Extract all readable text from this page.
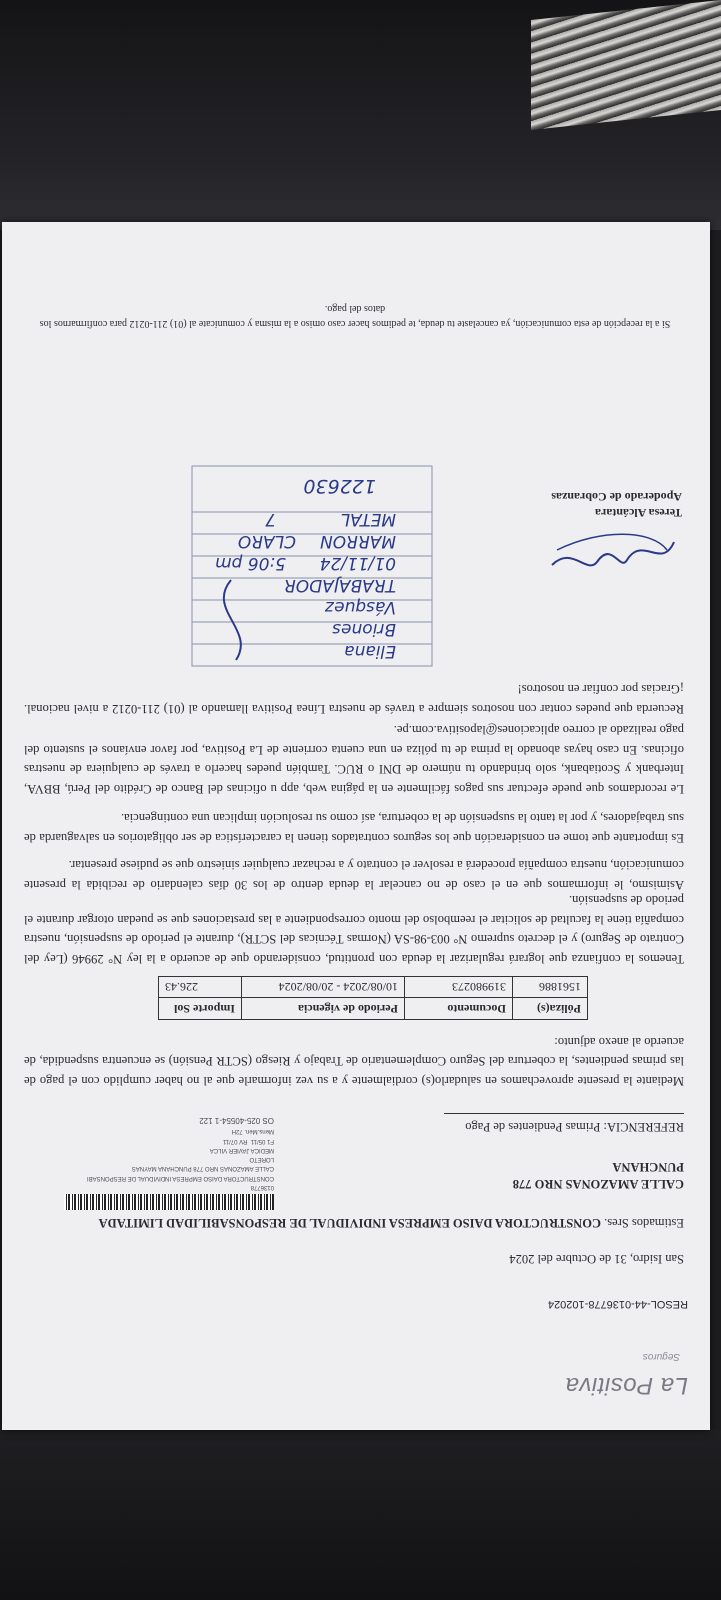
La Positiva
Seguros
RESOL-44-0136778-102024
San Isidro, 31 de Octubre del 2024
Estimados Sres. CONSTRUCTORA DAISO EMPRESA INDIVIDUAL DE RESPONSABILIDAD LIMITADA
CALLE AMAZONAS NRO 778
PUNCHANA
0136778
CONSTRUCTORA DAISO EMPRESA INDIVIDUAL DE RESPONSABI
CALLE AMAZONAS NRO 778 PUNCHANA MAYNAS
LORETO
MEDICA JAVIER VILCA
F1 05/11  RV 07/11
Mens.Men. 72H
OS 025-40554-1 122	REFERENCIA: Primas Pendientes de Pago

Mediante la presente aprovechamos en saludarlo(s) cordialmente y a su vez informarle que al no haber cumplido con el pago de las primas pendientes, la cobertura del Seguro Complementario de Trabajo y Riesgo (SCTR Pensión) se encuentra suspendida, de acuerdo al anexo adjunto:

Póliza(s)	Documento	Periodo de vigencia	Importe Sol
1561886	319980273	10/08/2024 - 20/08/2024	226.43

Tenemos la confianza que logrará regularizar la deuda con prontitud, considerando que de acuerdo a la ley N° 29946 (Ley del Contrato de Seguro) y el decreto supremo N° 003-98-SA (Normas Técnicas del SCTR), durante el periodo de suspensión, nuestra compañía tiene la facultad de solicitar el reembolso del monto correspondiente a las prestaciones que se puedan otorgar durante el periodo de suspensión.

Asimismo, le informamos que en el caso de no cancelar la deuda dentro de los 30 días calendario de recibida la presente comunicación, nuestra compañía procederá a resolver el contrato y a rechazar cualquier siniestro que se pudiese presentar.

Es importante que tome en consideración que los seguros contratados tienen la característica de ser obligatorios en salvaguarda de sus trabajadores, y por la tanto la suspensión de la cobertura, así como su resolución implican una contingencia.

Le recordamos que puede efectuar sus pagos fácilmente en la página web, app u oficinas del Banco de Crédito del Perú, BBVA, Interbank y Scotiabank, solo brindando tu número de DNI o RUC. También puedes hacerlo a través de cualquiera de nuestras oficinas. En caso hayas abonado la prima de tu póliza en una cuenta corriente de La Positiva, por favor envíanos el sustento del pago realizado al correo aplicaciones@lapositiva.com.pe.

Recuerda que puedes contar con nosotros siempre a través de nuestra Línea Positiva llamando al (01) 211-0212 a nivel nacional. ¡Gracias por confiar en nosotros!

Teresa Alcántara
Apoderado de Cobranzas
Eliana
Briones
Vásquez
TRABAJADOR
5:06 pm 01/11/24
MARRON
CLARO
METAL
7
122630
Si a la recepción de esta comunicación, ya cancelaste tu deuda, te pedimos hacer caso omiso a la misma y comunícate al (01) 211-0212 para confirmarnos los datos del pago.
